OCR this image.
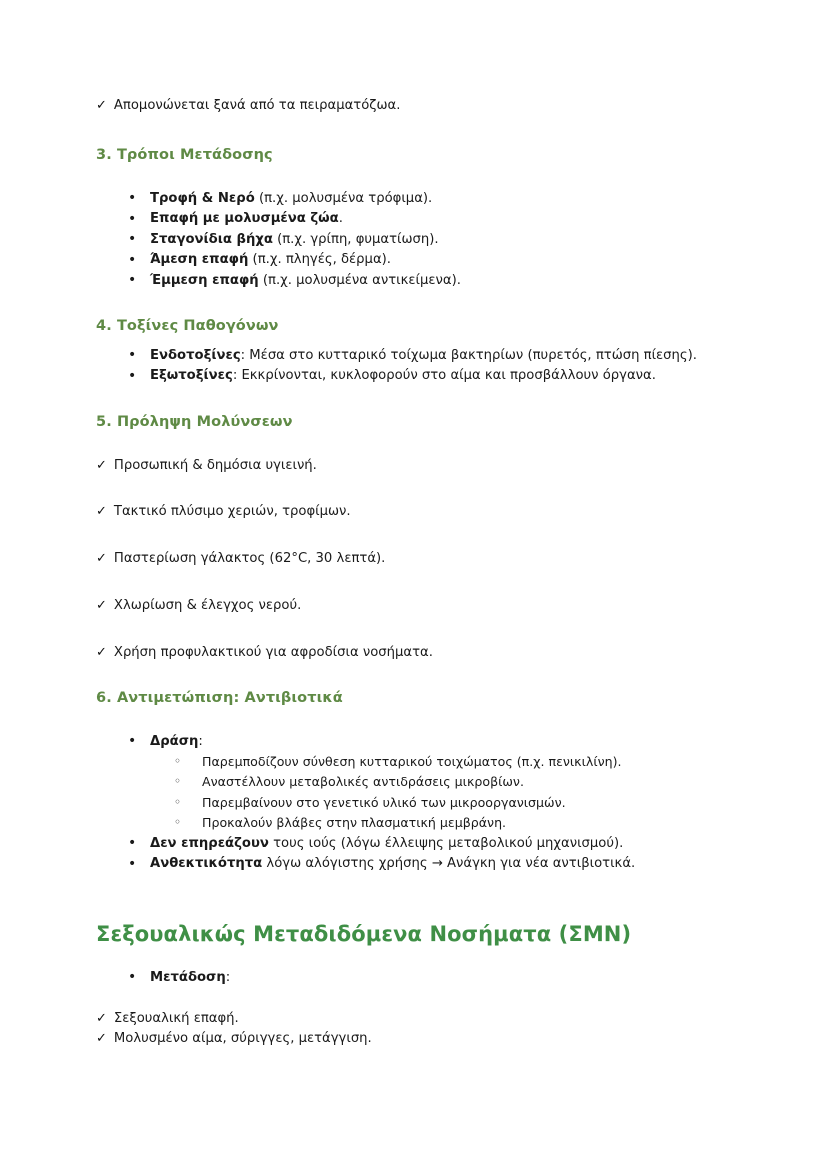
✓ Απομονώνεται ξανά από τα πειραματόζωα.
3. Τρόποι Μετάδοσης
• Τροφή & Νερό (π.χ. μολυσμένα τρόφιμα).
• Επαφή με μολυσμένα ζώα.
• Σταγονίδια βήχα (π.χ. γρίπη, φυματίωση).
• Άμεση επαφή (π.χ. πληγές, δέρμα).
• Έμμεση επαφή (π.χ. μολυσμένα αντικείμενα).
4. Τοξίνες Παθογόνων
• Ενδοτοξίνες: Μέσα στο κυτταρικό τοίχωμα βακτηρίων (πυρετός, πτώση πίεσης).
• Εξωτοξίνες: Εκκρίνονται, κυκλοφορούν στο αίμα και προσβάλλουν όργανα.
5. Πρόληψη Μολύνσεων
✓ Προσωπική & δημόσια υγιεινή.
✓ Τακτικό πλύσιμο χεριών, τροφίμων.
✓ Παστερίωση γάλακτος (62°C, 30 λεπτά).
✓ Χλωρίωση & έλεγχος νερού.
✓ Χρήση προφυλακτικού για αφροδίσια νοσήματα.
6. Αντιμετώπιση: Αντιβιοτικά
• Δράση:
◦ Παρεμποδίζουν σύνθεση κυτταρικού τοιχώματος (π.χ. πενικιλίνη).
◦ Αναστέλλουν μεταβολικές αντιδράσεις μικροβίων.
◦ Παρεμβαίνουν στο γενετικό υλικό των μικροοργανισμών.
◦ Προκαλούν βλάβες στην πλασματική μεμβράνη.
• Δεν επηρεάζουν τους ιούς (λόγω έλλειψης μεταβολικού μηχανισμού).
• Ανθεκτικότητα λόγω αλόγιστης χρήσης → Ανάγκη για νέα αντιβιοτικά.
Σεξουαλικώς Μεταδιδόμενα Νοσήματα (ΣΜΝ)
• Μετάδοση:
✓ Σεξουαλική επαφή.
✓ Μολυσμένο αίμα, σύριγγες, μετάγγιση.
